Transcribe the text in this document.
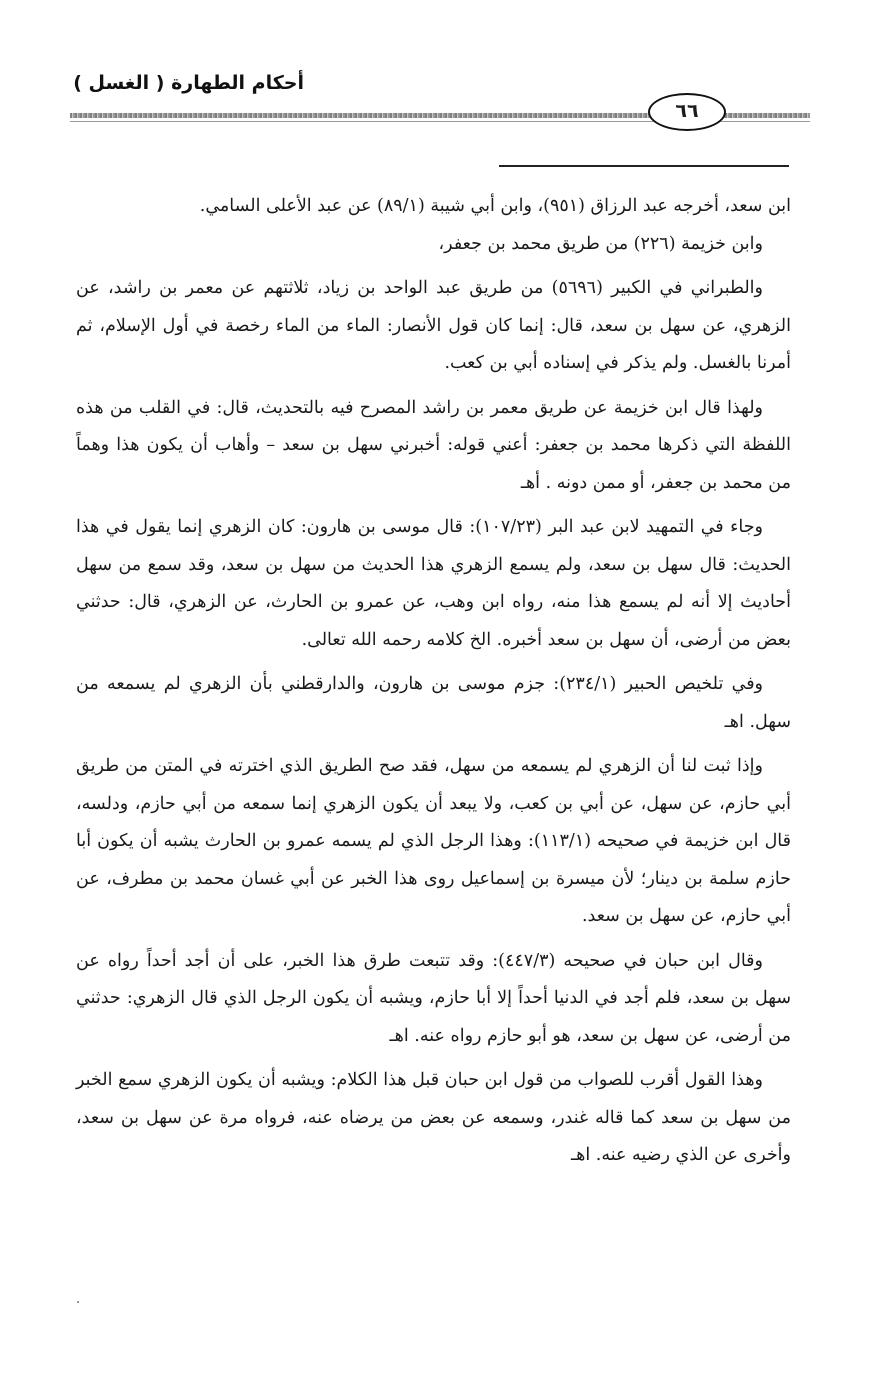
أحكام الطهارة ( الغسل )
٦٦

ابن سعد، أخرجه عبد الرزاق (٩٥١)، وابن أبي شيبة (٨٩/١) عن عبد الأعلى السامي.

وابن خزيمة (٢٢٦) من طريق محمد بن جعفر،

والطبراني في الكبير (٥٦٩٦) من طريق عبد الواحد بن زياد، ثلاثتهم عن معمر بن راشد، عن الزهري، عن سهل بن سعد، قال: إنما كان قول الأنصار: الماء من الماء رخصة في أول الإسلام، ثم أمرنا بالغسل. ولم يذكر في إسناده أبي بن كعب.

ولهذا قال ابن خزيمة عن طريق معمر بن راشد المصرح فيه بالتحديث، قال: في القلب من هذه اللفظة التي ذكرها محمد بن جعفر: أعني قوله: أخبرني سهل بن سعد – وأهاب أن يكون هذا وهماً من محمد بن جعفر، أو ممن دونه . أهـ

وجاء في التمهيد لابن عبد البر (١٠٧/٢٣): قال موسى بن هارون: كان الزهري إنما يقول في هذا الحديث: قال سهل بن سعد، ولم يسمع الزهري هذا الحديث من سهل بن سعد، وقد سمع من سهل أحاديث إلا أنه لم يسمع هذا منه، رواه ابن وهب، عن عمرو بن الحارث، عن الزهري، قال: حدثني بعض من أرضى، أن سهل بن سعد أخبره. الخ كلامه رحمه الله تعالى.

وفي تلخيص الحبير (٢٣٤/١): جزم موسى بن هارون، والدارقطني بأن الزهري لم يسمعه من سهل. اهـ

وإذا ثبت لنا أن الزهري لم يسمعه من سهل، فقد صح الطريق الذي اخترته في المتن من طريق أبي حازم، عن سهل، عن أبي بن كعب، ولا يبعد أن يكون الزهري إنما سمعه من أبي حازم، ودلسه، قال ابن خزيمة في صحيحه (١١٣/١): وهذا الرجل الذي لم يسمه عمرو بن الحارث يشبه أن يكون أبا حازم سلمة بن دينار؛ لأن ميسرة بن إسماعيل روى هذا الخبر عن أبي غسان محمد بن مطرف، عن أبي حازم، عن سهل بن سعد.

وقال ابن حبان في صحيحه (٤٤٧/٣): وقد تتبعت طرق هذا الخبر، على أن أجد أحداً رواه عن سهل بن سعد، فلم أجد في الدنيا أحداً إلا أبا حازم، ويشبه أن يكون الرجل الذي قال الزهري: حدثني من أرضى، عن سهل بن سعد، هو أبو حازم رواه عنه. اهـ

وهذا القول أقرب للصواب من قول ابن حبان قبل هذا الكلام: ويشبه أن يكون الزهري سمع الخبر من سهل بن سعد كما قاله غندر، وسمعه عن بعض من يرضاه عنه، فرواه مرة عن سهل بن سعد، وأخرى عن الذي رضيه عنه. اهـ
